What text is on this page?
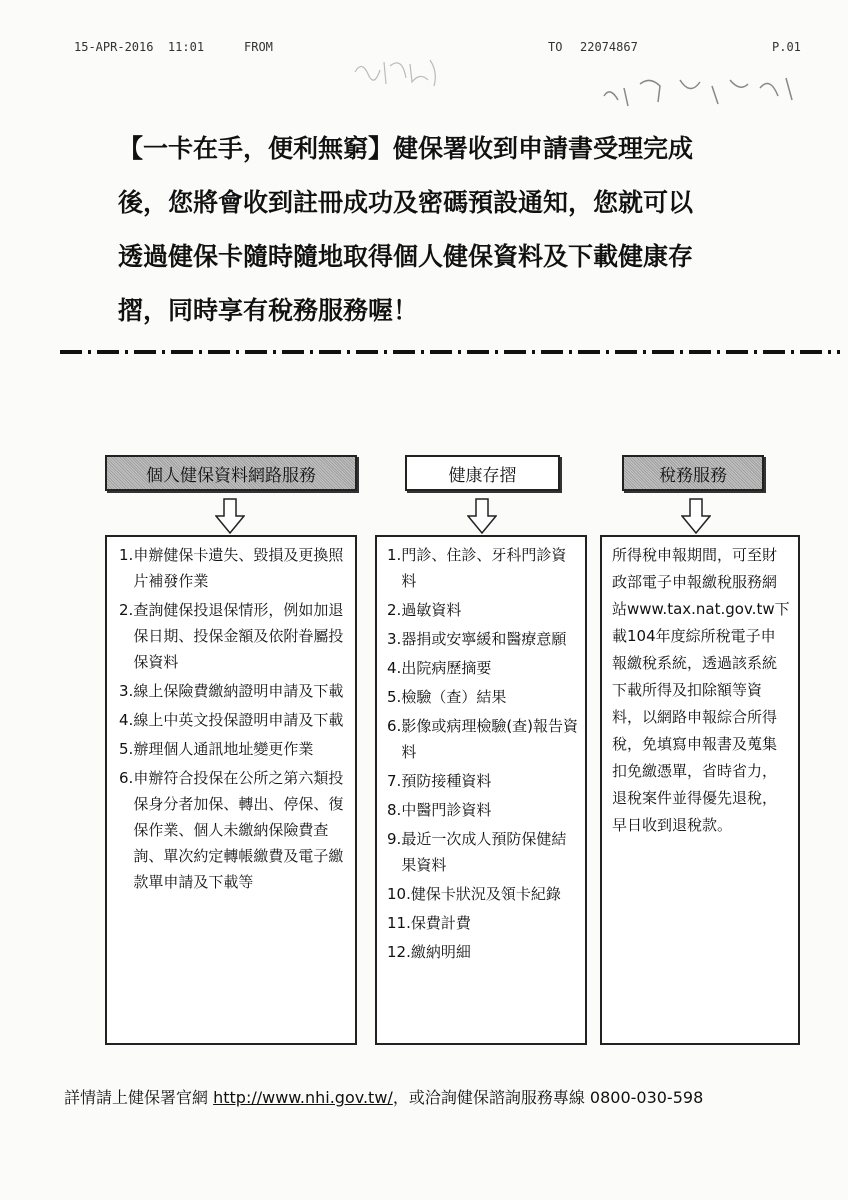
15-APR-2016  11:01	FROM	TO 22074867	P.01
【一卡在手，便利無窮】健保署收到申請書受理完成
後，您將會收到註冊成功及密碼預設通知，您就可以
透過健保卡隨時隨地取得個人健保資料及下載健康存
摺，同時享有稅務服務喔！
個人健保資料網路服務	健康存摺	稅務服務
1. 申辦健保卡遺失、毀損及更換照片補發作業
2. 查詢健保投退保情形，例如加退保日期、投保金額及依附眷屬投保資料
3. 線上保險費繳納證明申請及下載
4. 線上中英文投保證明申請及下載
5. 辦理個人通訊地址變更作業
6. 申辦符合投保在公所之第六類投保身分者加保、轉出、停保、復保作業、個人未繳納保險費查詢、單次約定轉帳繳費及電子繳款單申請及下載等
1. 門診、住診、牙科門診資料
2. 過敏資料
3. 器捐或安寧緩和醫療意願
4. 出院病歷摘要
5. 檢驗（查）結果
6. 影像或病理檢驗(查)報告資料
7. 預防接種資料
8. 中醫門診資料
9. 最近一次成人預防保健結果資料
10. 健保卡狀況及領卡紀錄
11. 保費計費
12. 繳納明細

所得稅申報期間，可至財政部電子申報繳稅服務網站www.tax.nat.gov.tw下載104年度綜所稅電子申報繳稅系統，透過該系統下載所得及扣除額等資料，以網路申報綜合所得稅，免填寫申報書及蒐集扣免繳憑單，省時省力，退稅案件並得優先退稅，早日收到退稅款。

詳情請上健保署官網 http://www.nhi.gov.tw/，或洽詢健保諮詢服務專線 0800-030-598
